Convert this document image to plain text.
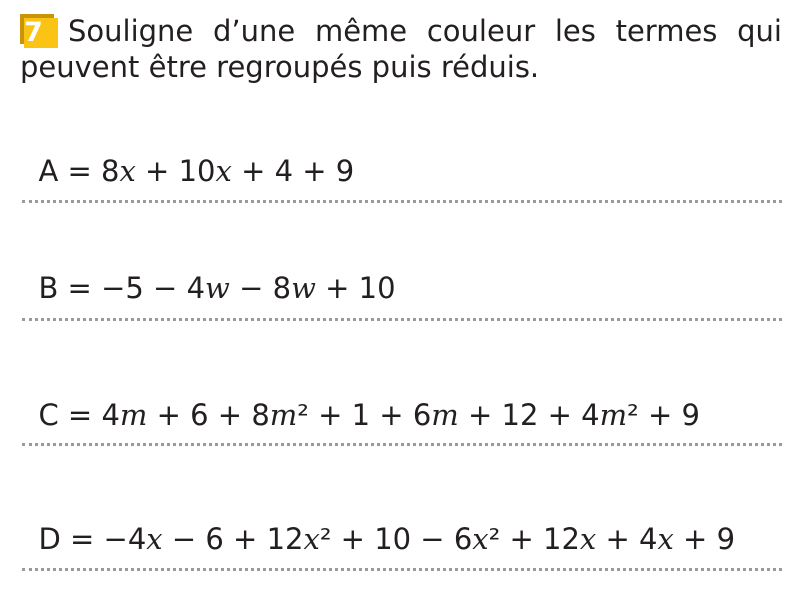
7 Souligne d’une même couleur les termes qui peuvent être regroupés puis réduis.

A = 8x + 10x + 4 + 9

B = −5 − 4w − 8w + 10

C = 4m + 6 + 8m² + 1 + 6m + 12 + 4m² + 9

D = −4x − 6 + 12x² + 10 − 6x² + 12x + 4x + 9
